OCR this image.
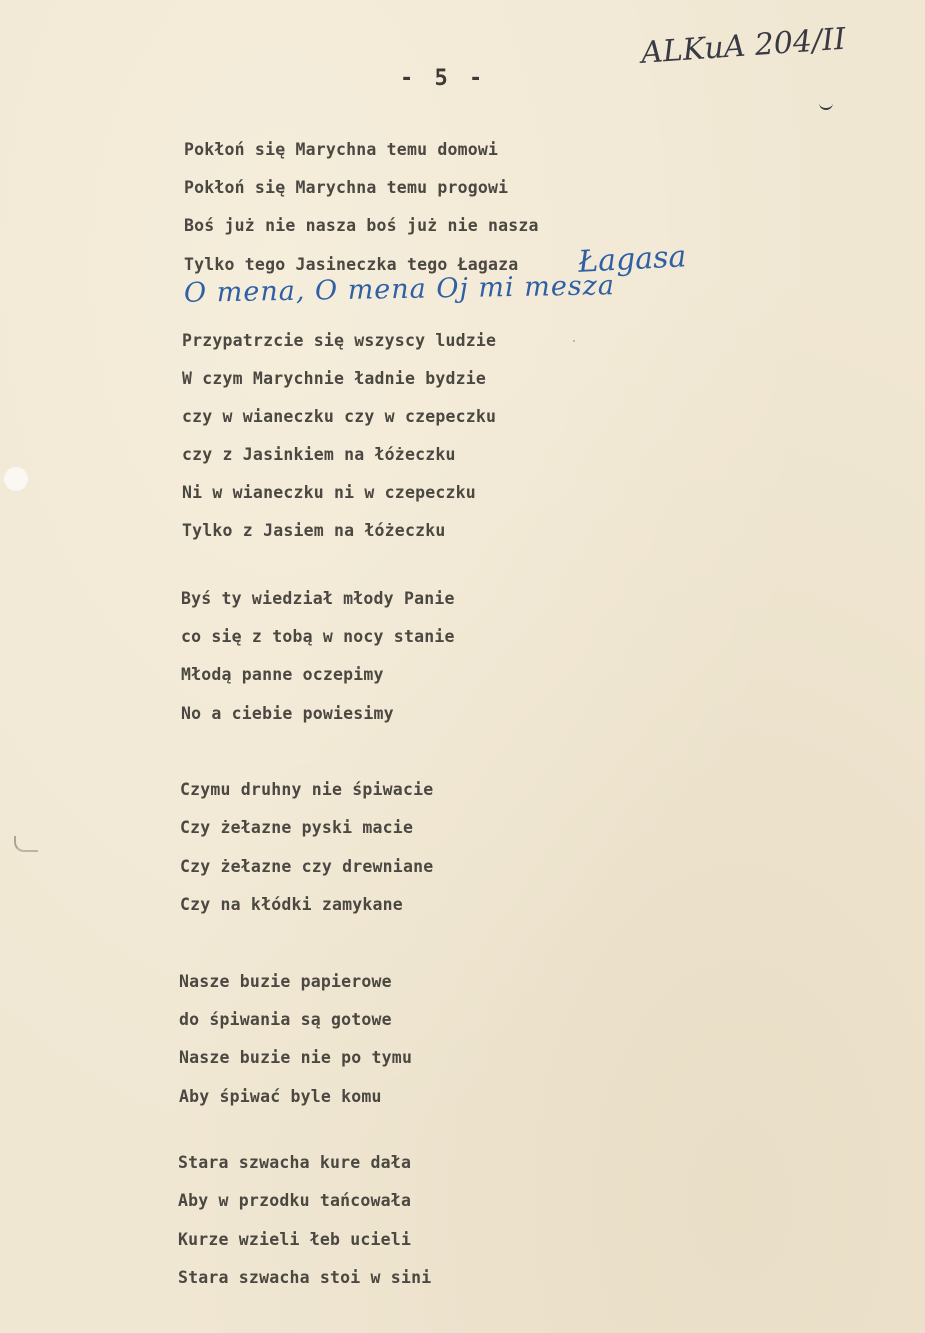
- 5 -
ALKuA 204/II
Pokłoń się Marychna temu domowi
Pokłoń się Marychna temu progowi
Boś już nie nasza boś już nie nasza
Tylko tego Jasineczka tego Łagaza Łagasa
O mena, O mena Oj mi mesza
Przypatrzcie się wszyscy ludzie
W czym Marychnie ładnie bydzie
czy w wianeczku czy w czepeczku
czy z Jasinkiem na łóżeczku
Ni w wianeczku ni w czepeczku
Tylko z Jasiem na łóżeczku
Byś ty wiedział młody Panie
co się z tobą w nocy stanie
Młodą panne oczepimy
No a ciebie powiesimy
Czymu druhny nie śpiwacie
Czy żełazne pyski macie
Czy żełazne czy drewniane
Czy na kłódki zamykane
Nasze buzie papierowe
do śpiwania są gotowe
Nasze buzie nie po tymu
Aby śpiwać byle komu
Stara szwacha kure dała
Aby w przodku tańcowała
Kurze wzieli łeb ucieli
Stara szwacha stoi w sini
